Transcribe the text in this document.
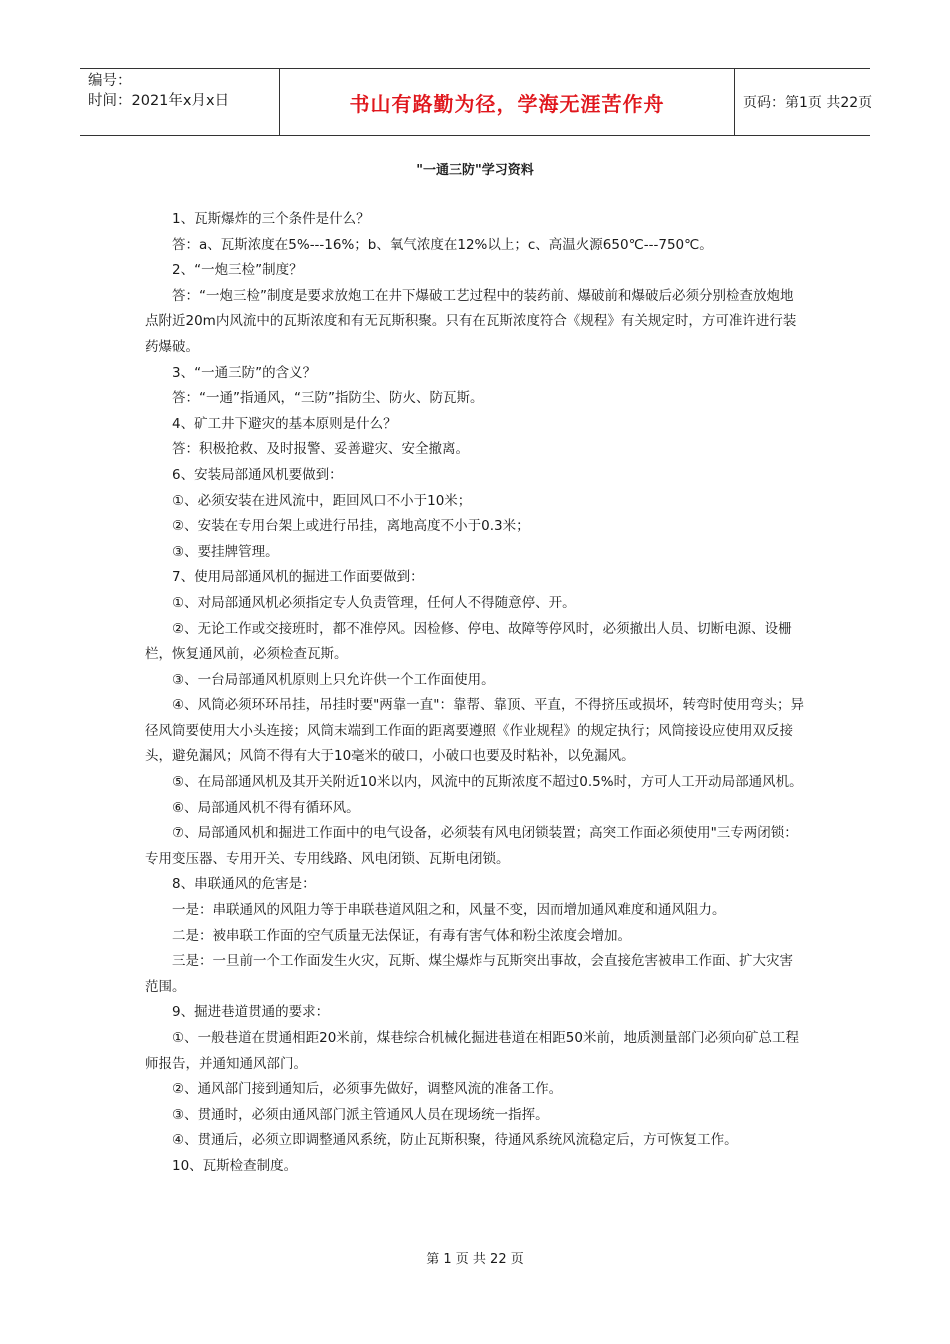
编号：
时间：2021年x月x日	书山有路勤为径，学海无涯苦作舟	页码：第1页 共22页
"一通三防"学习资料

1、瓦斯爆炸的三个条件是什么？

答：a、瓦斯浓度在5%---16%；b、氧气浓度在12%以上；c、高温火源650℃---750℃。

2、“一炮三检”制度？

答：“一炮三检”制度是要求放炮工在井下爆破工艺过程中的装药前、爆破前和爆破后必须分别检查放炮地点附近20m内风流中的瓦斯浓度和有无瓦斯积聚。只有在瓦斯浓度符合《规程》有关规定时，方可准许进行装药爆破。

3、“一通三防”的含义？

答：“一通”指通风，“三防”指防尘、防火、防瓦斯。

4、矿工井下避灾的基本原则是什么？

答：积极抢救、及时报警、妥善避灾、安全撤离。

6、安装局部通风机要做到：

①、必须安装在进风流中，距回风口不小于10米；

②、安装在专用台架上或进行吊挂，离地高度不小于0.3米；

③、要挂牌管理。

7、使用局部通风机的掘进工作面要做到：

①、对局部通风机必须指定专人负责管理，任何人不得随意停、开。

②、无论工作或交接班时，都不准停风。因检修、停电、故障等停风时，必须撤出人员、切断电源、设栅栏，恢复通风前，必须检查瓦斯。

③、一台局部通风机原则上只允许供一个工作面使用。

④、风筒必须环环吊挂，吊挂时要"两靠一直"：靠帮、靠顶、平直，不得挤压或损坏，转弯时使用弯头；异径风筒要使用大小头连接；风筒末端到工作面的距离要遵照《作业规程》的规定执行；风筒接设应使用双反接头，避免漏风；风筒不得有大于10毫米的破口，小破口也要及时粘补，以免漏风。

⑤、在局部通风机及其开关附近10米以内，风流中的瓦斯浓度不超过0.5%时，方可人工开动局部通风机。

⑥、局部通风机不得有循环风。

⑦、局部通风机和掘进工作面中的电气设备，必须装有风电闭锁装置；高突工作面必须使用"三专两闭锁：专用变压器、专用开关、专用线路、风电闭锁、瓦斯电闭锁。

8、串联通风的危害是：

一是：串联通风的风阻力等于串联巷道风阻之和，风量不变，因而增加通风难度和通风阻力。

二是：被串联工作面的空气质量无法保证，有毒有害气体和粉尘浓度会增加。

三是：一旦前一个工作面发生火灾，瓦斯、煤尘爆炸与瓦斯突出事故，会直接危害被串工作面、扩大灾害范围。

9、掘进巷道贯通的要求：

①、一般巷道在贯通相距20米前，煤巷综合机械化掘进巷道在相距50米前，地质测量部门必须向矿总工程师报告，并通知通风部门。

②、通风部门接到通知后，必须事先做好，调整风流的准备工作。

③、贯通时，必须由通风部门派主管通风人员在现场统一指挥。

④、贯通后，必须立即调整通风系统，防止瓦斯积聚，待通风系统风流稳定后，方可恢复工作。

10、瓦斯检查制度。

第 1 页 共 22 页
